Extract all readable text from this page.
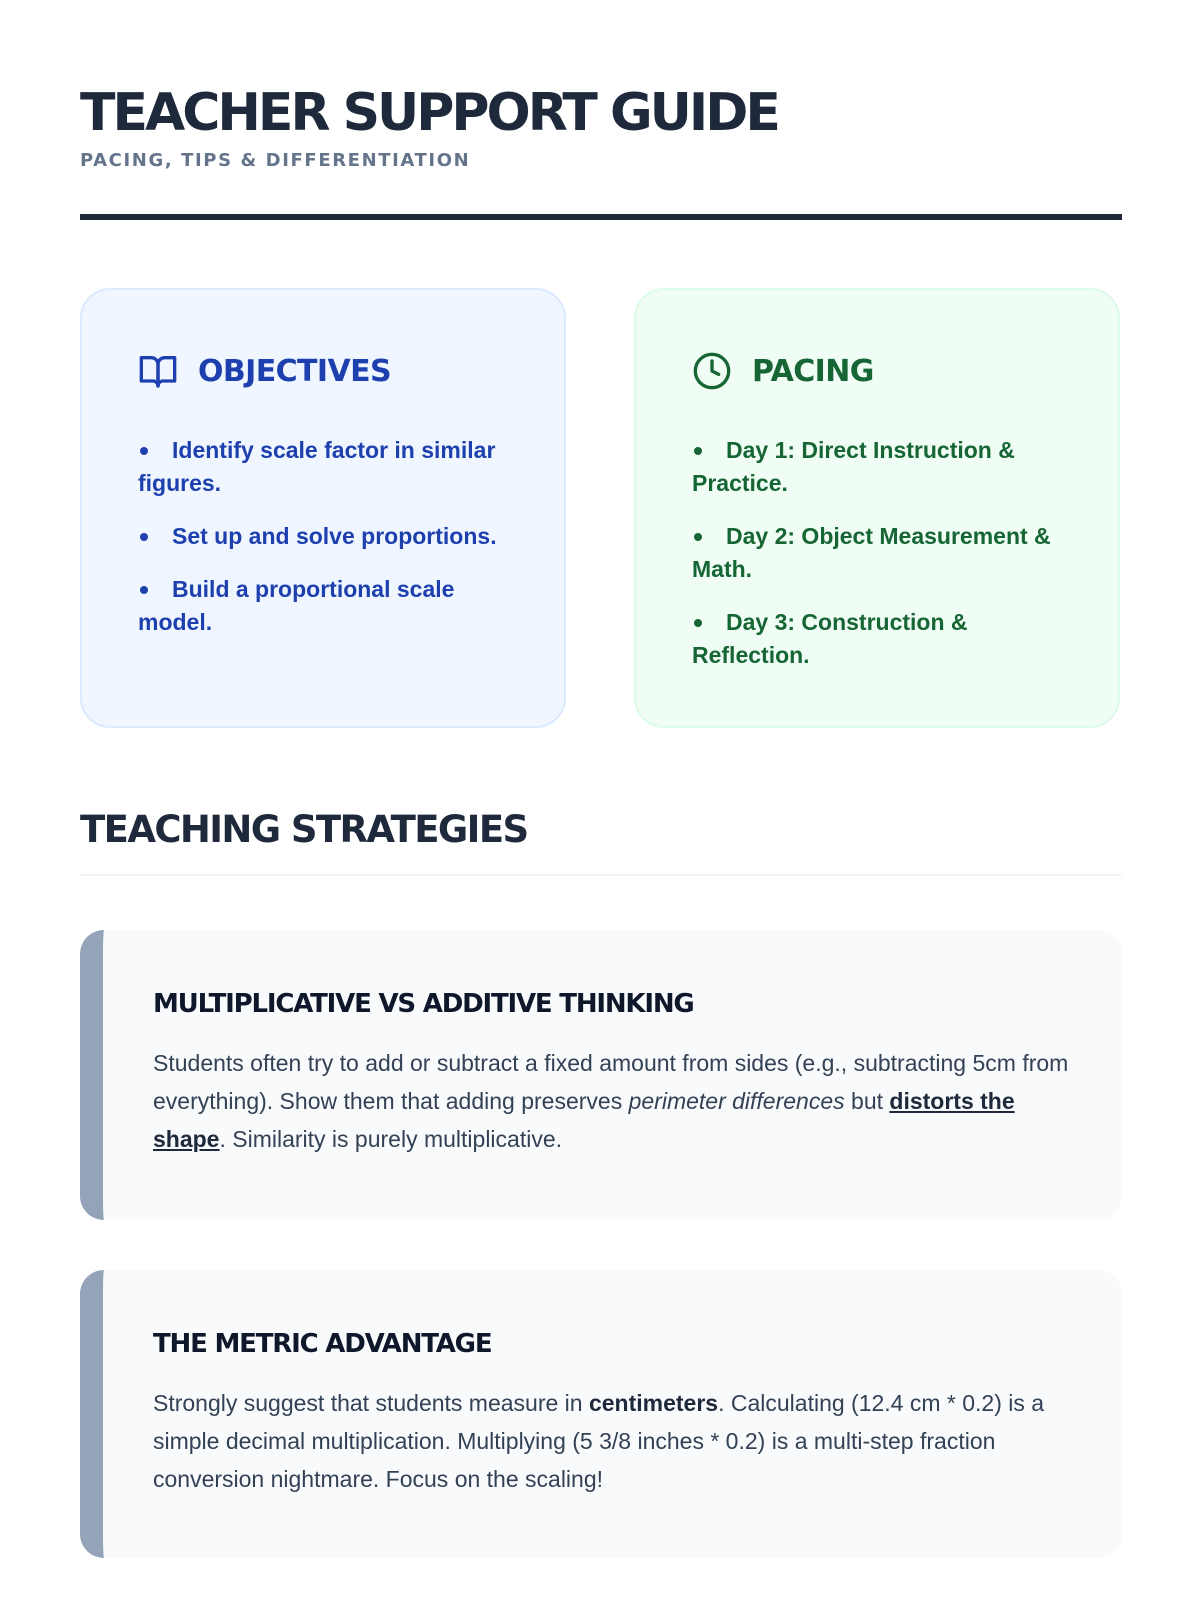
TEACHER SUPPORT GUIDE
PACING, TIPS & DIFFERENTIATION
OBJECTIVES
Identify scale factor in similar figures.
Set up and solve proportions.
Build a proportional scale model.
PACING
Day 1: Direct Instruction & Practice.
Day 2: Object Measurement & Math.
Day 3: Construction & Reflection.
TEACHING STRATEGIES
MULTIPLICATIVE VS ADDITIVE THINKING

Students often try to add or subtract a fixed amount from sides (e.g., subtracting 5cm from everything). Show them that adding preserves perimeter differences but distorts the shape. Similarity is purely multiplicative.

THE METRIC ADVANTAGE

Strongly suggest that students measure in centimeters. Calculating (12.4 cm * 0.2) is a simple decimal multiplication. Multiplying (5 3/8 inches * 0.2) is a multi-step fraction conversion nightmare. Focus on the scaling!
